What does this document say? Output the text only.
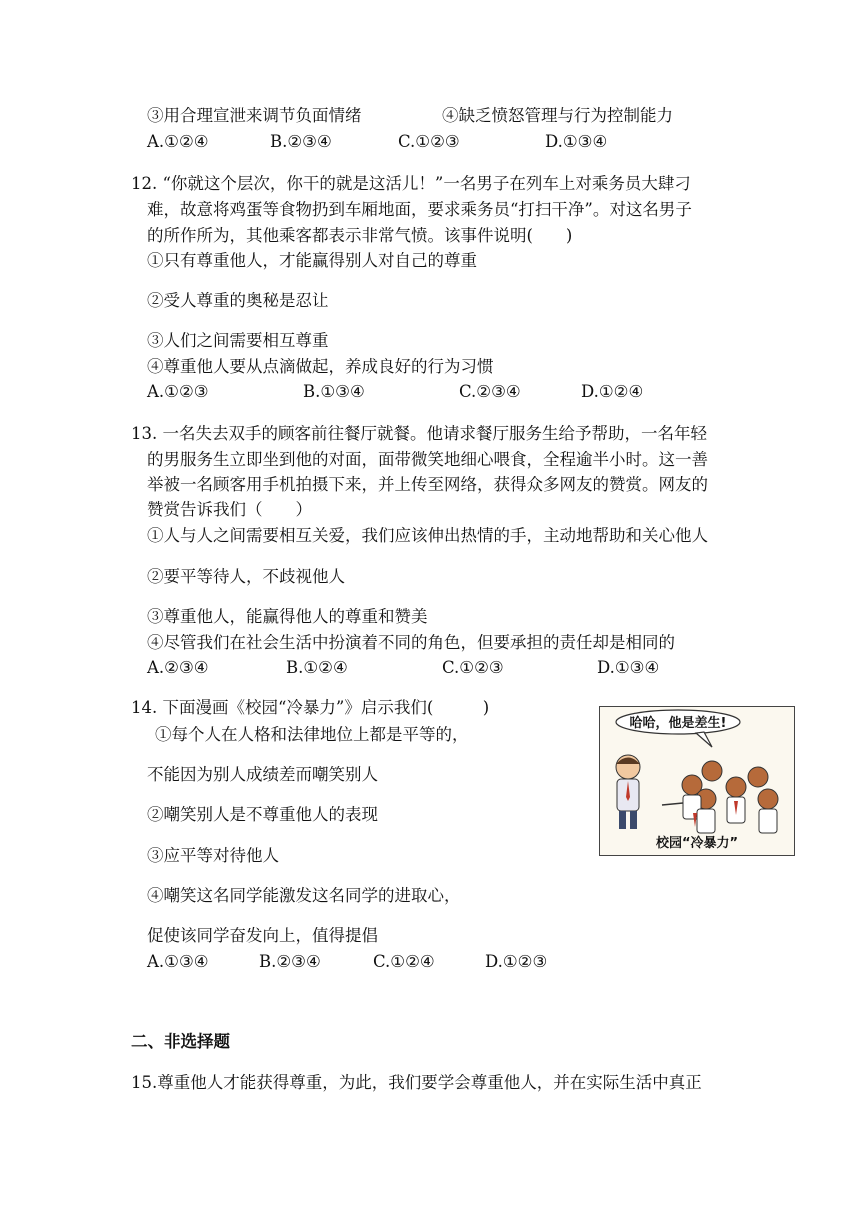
③用合理宣泄来调节负面情绪	④缺乏愤怒管理与行为控制能力
A.①②④	B.②③④	C.①②③	D.①③④
12. “你就这个层次，你干的就是这活儿！”一名男子在列车上对乘务员大肆刁
难，故意将鸡蛋等食物扔到车厢地面，要求乘务员“打扫干净”。对这名男子
的所作所为，其他乘客都表示非常气愤。该事件说明(　　)
①只有尊重他人，才能赢得别人对自己的尊重
②受人尊重的奥秘是忍让
③人们之间需要相互尊重
④尊重他人要从点滴做起，养成良好的行为习惯
A.①②③	B.①③④	C.②③④	D.①②④
13. 一名失去双手的顾客前往餐厅就餐。他请求餐厅服务生给予帮助，一名年轻
的男服务生立即坐到他的对面，面带微笑地细心喂食，全程逾半小时。这一善
举被一名顾客用手机拍摄下来，并上传至网络，获得众多网友的赞赏。网友的
赞赏告诉我们（　　）
①人与人之间需要相互关爱，我们应该伸出热情的手，主动地帮助和关心他人
②要平等待人，不歧视他人
③尊重他人，能赢得他人的尊重和赞美
④尽管我们在社会生活中扮演着不同的角色，但要承担的责任却是相同的
A.②③④	B.①②④	C.①②③	D.①③④
14. 下面漫画《校园“冷暴力”》启示我们(　　　)
①每个人在人格和法律地位上都是平等的，
不能因为别人成绩差而嘲笑别人
②嘲笑别人是不尊重他人的表现
③应平等对待他人
④嘲笑这名同学能激发这名同学的进取心，
促使该同学奋发向上，值得提倡
A.①③④	B.②③④	C.①②④	D.①②③
哈哈，他是差生!
校园“冷暴力”
二、非选择题
15.尊重他人才能获得尊重，为此，我们要学会尊重他人，并在实际生活中真正
